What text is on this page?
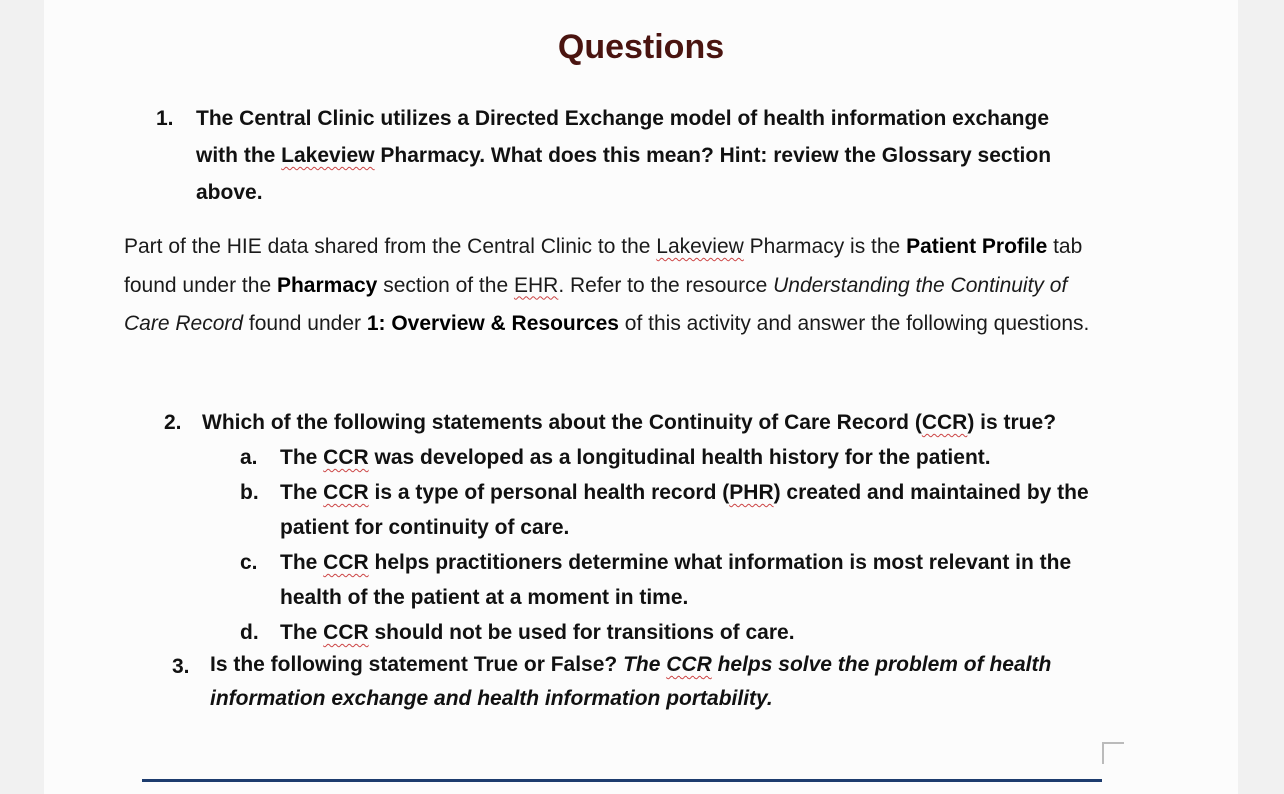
Questions
1. The Central Clinic utilizes a Directed Exchange model of health information exchange
with the Lakeview Pharmacy. What does this mean? Hint: review the Glossary section
above.
Part of the HIE data shared from the Central Clinic to the Lakeview Pharmacy is the Patient Profile tab found under the Pharmacy section of the EHR. Refer to the resource Understanding the Continuity of Care Record found under 1: Overview & Resources of this activity and answer the following questions.
2. Which of the following statements about the Continuity of Care Record (CCR) is true?
a. The CCR was developed as a longitudinal health history for the patient.
b. The CCR is a type of personal health record (PHR) created and maintained by the
patient for continuity of care.
c. The CCR helps practitioners determine what information is most relevant in the
health of the patient at a moment in time.
d. The CCR should not be used for transitions of care.
3. Is the following statement True or False? The CCR helps solve the problem of health
information exchange and health information portability.
